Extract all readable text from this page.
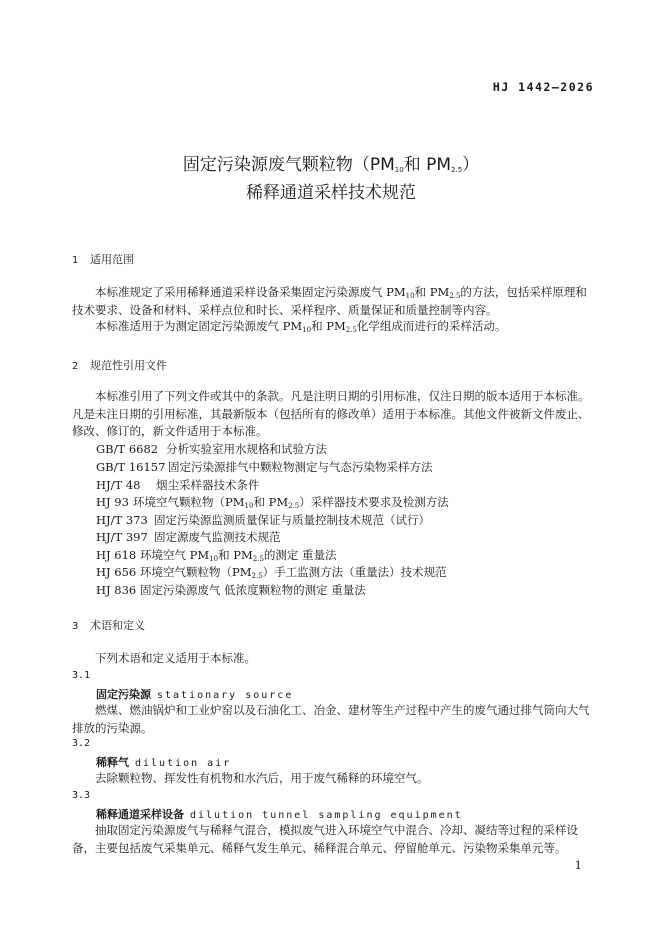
HJ 1442—2026
固定污染源废气颗粒物（$PM_{10}$和 $PM_{2.5}$）
稀释通道采样技术规范
1 适用范围
本标准规定了采用稀释通道采样设备采集固定污染源废气 $PM_{10}$和 $PM_{2.5}$的方法，包括采样原理和技术要求、设备和材料、采样点位和时长、采样程序、质量保证和质量控制等内容。
本标准适用于为测定固定污染源废气 $PM_{10}$和 $PM_{2.5}$化学组成而进行的采样活动。
2 规范性引用文件
本标准引用了下列文件或其中的条款。凡是注明日期的引用标准，仅注日期的版本适用于本标准。凡是未注日期的引用标准，其最新版本（包括所有的修改单）适用于本标准。其他文件被新文件废止、修改、修订的，新文件适用于本标准。
GB/T 6682 分析实验室用水规格和试验方法
GB/T 16157 固定污染源排气中颗粒物测定与气态污染物采样方法
HJ/T 48 烟尘采样器技术条件
HJ 93 环境空气颗粒物（$PM_{10}$和 $PM_{2.5}$）采样器技术要求及检测方法
HJ/T 373 固定污染源监测质量保证与质量控制技术规范（试行）
HJ/T 397 固定源废气监测技术规范
HJ 618 环境空气 $PM_{10}$和 $PM_{2.5}$的测定 重量法
HJ 656 环境空气颗粒物$(PM_{2.5})$手工监测方法（重量法）技术规范
HJ 836 固定污染源废气 低浓度颗粒物的测定 重量法
3 术语和定义
下列术语和定义适用于本标准。
3.1
固定污染源 stationary source
燃煤、燃油锅炉和工业炉窑以及石油化工、冶金、建材等生产过程中产生的废气通过排气筒向大气排放的污染源。
3.2
稀释气 dilution air
去除颗粒物、挥发性有机物和水汽后，用于废气稀释的环境空气。
3.3
稀释通道采样设备 dilution tunnel sampling equipment
抽取固定污染源废气与稀释气混合，模拟废气进入环境空气中混合、冷却、凝结等过程的采样设备，主要包括废气采集单元、稀释气发生单元、稀释混合单元、停留舱单元、污染物采集单元等。
1
